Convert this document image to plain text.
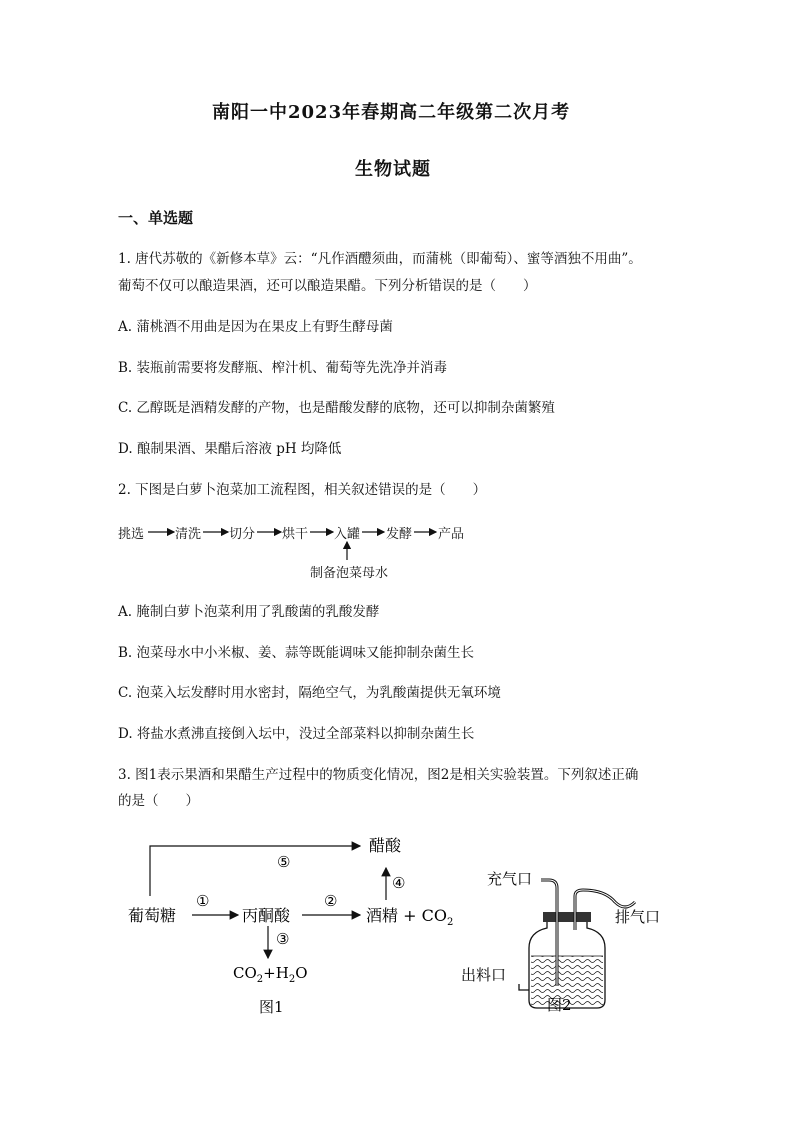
南阳一中2023年春期高二年级第二次月考
生物试题
一、单选题
1. 唐代苏敬的《新修本草》云：“凡作酒醴须曲，而蒲桃（即葡萄）、蜜等酒独不用曲”。
葡萄不仅可以酿造果酒，还可以酿造果醋。下列分析错误的是（　　）
A. 蒲桃酒不用曲是因为在果皮上有野生酵母菌
B. 装瓶前需要将发酵瓶、榨汁机、葡萄等先洗净并消毒
C. 乙醇既是酒精发酵的产物，也是醋酸发酵的底物，还可以抑制杂菌繁殖
D. 酿制果酒、果醋后溶液 pH 均降低
2. 下图是白萝卜泡菜加工流程图，相关叙述错误的是（　　）
挑选 清洗 切分 烘干 入罐 发酵 产品
制备泡菜母水
A. 腌制白萝卜泡菜利用了乳酸菌的乳酸发酵
B. 泡菜母水中小米椒、姜、蒜等既能调味又能抑制杂菌生长
C. 泡菜入坛发酵时用水密封，隔绝空气，为乳酸菌提供无氧环境
D. 将盐水煮沸直接倒入坛中，没过全部菜料以抑制杂菌生长
3. 图1表示果酒和果醋生产过程中的物质变化情况，图2是相关实验装置。下列叙述正确
的是（　　）
葡萄糖	丙酮酸	酒精 + $CO_2$
醋酸
$CO_2+H_2O$
①	②
③
④
⑤
图1
充气口
排气口
出料口
图2
